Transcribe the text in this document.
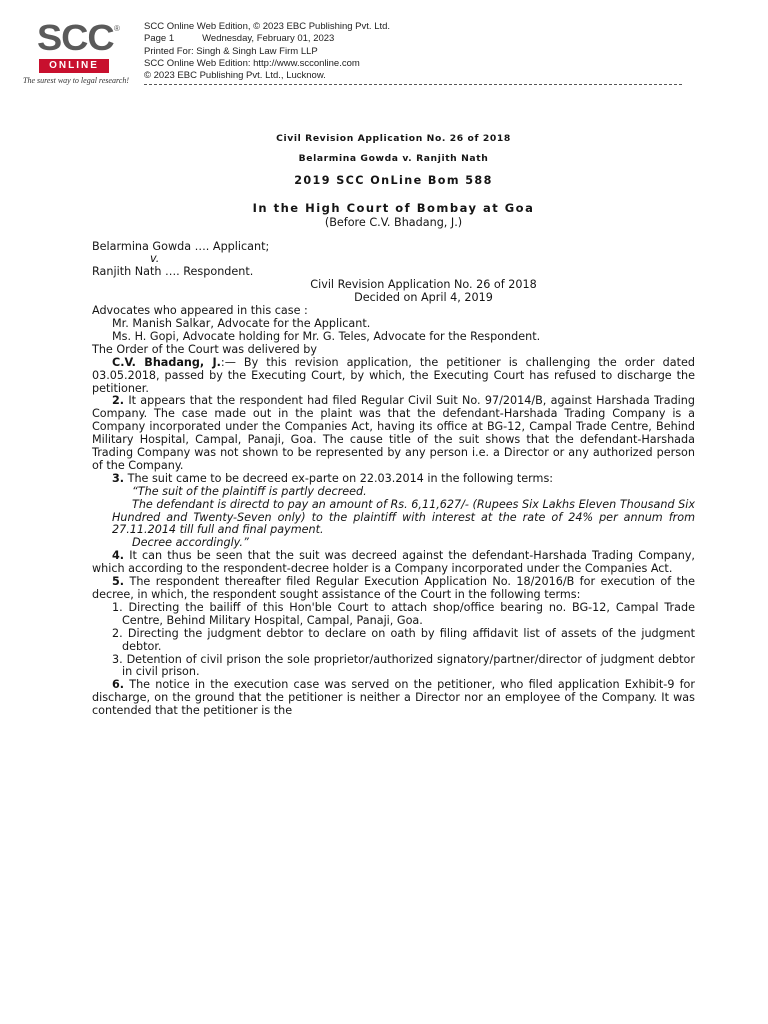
SCC ®
ONLINE
The surest way to legal research!
SCC Online Web Edition, © 2023 EBC Publishing Pvt. Ltd.
Page 1	Wednesday, February 01, 2023
Printed For: Singh & Singh Law Firm LLP
SCC Online Web Edition: http://www.scconline.com
© 2023 EBC Publishing Pvt. Ltd., Lucknow.
Civil Revision Application No. 26 of 2018
Belarmina Gowda v. Ranjith Nath
2019 SCC OnLine Bom 588
In the High Court of Bombay at Goa
(Before C.V. Bhadang, J.)
Belarmina Gowda …. Applicant;
v.
Ranjith Nath …. Respondent.
Civil Revision Application No. 26 of 2018
Decided on April 4, 2019
Advocates who appeared in this case :
Mr. Manish Salkar, Advocate for the Applicant.
Ms. H. Gopi, Advocate holding for Mr. G. Teles, Advocate for the Respondent.
The Order of the Court was delivered by
C.V. Bhadang, J.:— By this revision application, the petitioner is challenging the order dated 03.05.2018, passed by the Executing Court, by which, the Executing Court has refused to discharge the petitioner.
2. It appears that the respondent had filed Regular Civil Suit No. 97/2014/B, against Harshada Trading Company. The case made out in the plaint was that the defendant-Harshada Trading Company is a Company incorporated under the Companies Act, having its office at BG-12, Campal Trade Centre, Behind Military Hospital, Campal, Panaji, Goa. The cause title of the suit shows that the defendant-Harshada Trading Company was not shown to be represented by any person i.e. a Director or any authorized person of the Company.
3. The suit came to be decreed ex-parte on 22.03.2014 in the following terms:
“The suit of the plaintiff is partly decreed.
The defendant is directd to pay an amount of Rs. 6,11,627/- (Rupees Six Lakhs Eleven Thousand Six Hundred and Twenty-Seven only) to the plaintiff with interest at the rate of 24% per annum from 27.11.2014 till full and final payment.
Decree accordingly.”
4. It can thus be seen that the suit was decreed against the defendant-Harshada Trading Company, which according to the respondent-decree holder is a Company incorporated under the Companies Act.
5. The respondent thereafter filed Regular Execution Application No. 18/2016/B for execution of the decree, in which, the respondent sought assistance of the Court in the following terms:
1. Directing the bailiff of this Hon'ble Court to attach shop/office bearing no. BG-12, Campal Trade Centre, Behind Military Hospital, Campal, Panaji, Goa.
2. Directing the judgment debtor to declare on oath by filing affidavit list of assets of the judgment debtor.
3. Detention of civil prison the sole proprietor/authorized signatory/partner/director of judgment debtor in civil prison.
6. The notice in the execution case was served on the petitioner, who filed application Exhibit-9 for discharge, on the ground that the petitioner is neither a Director nor an employee of the Company. It was contended that the petitioner is the
